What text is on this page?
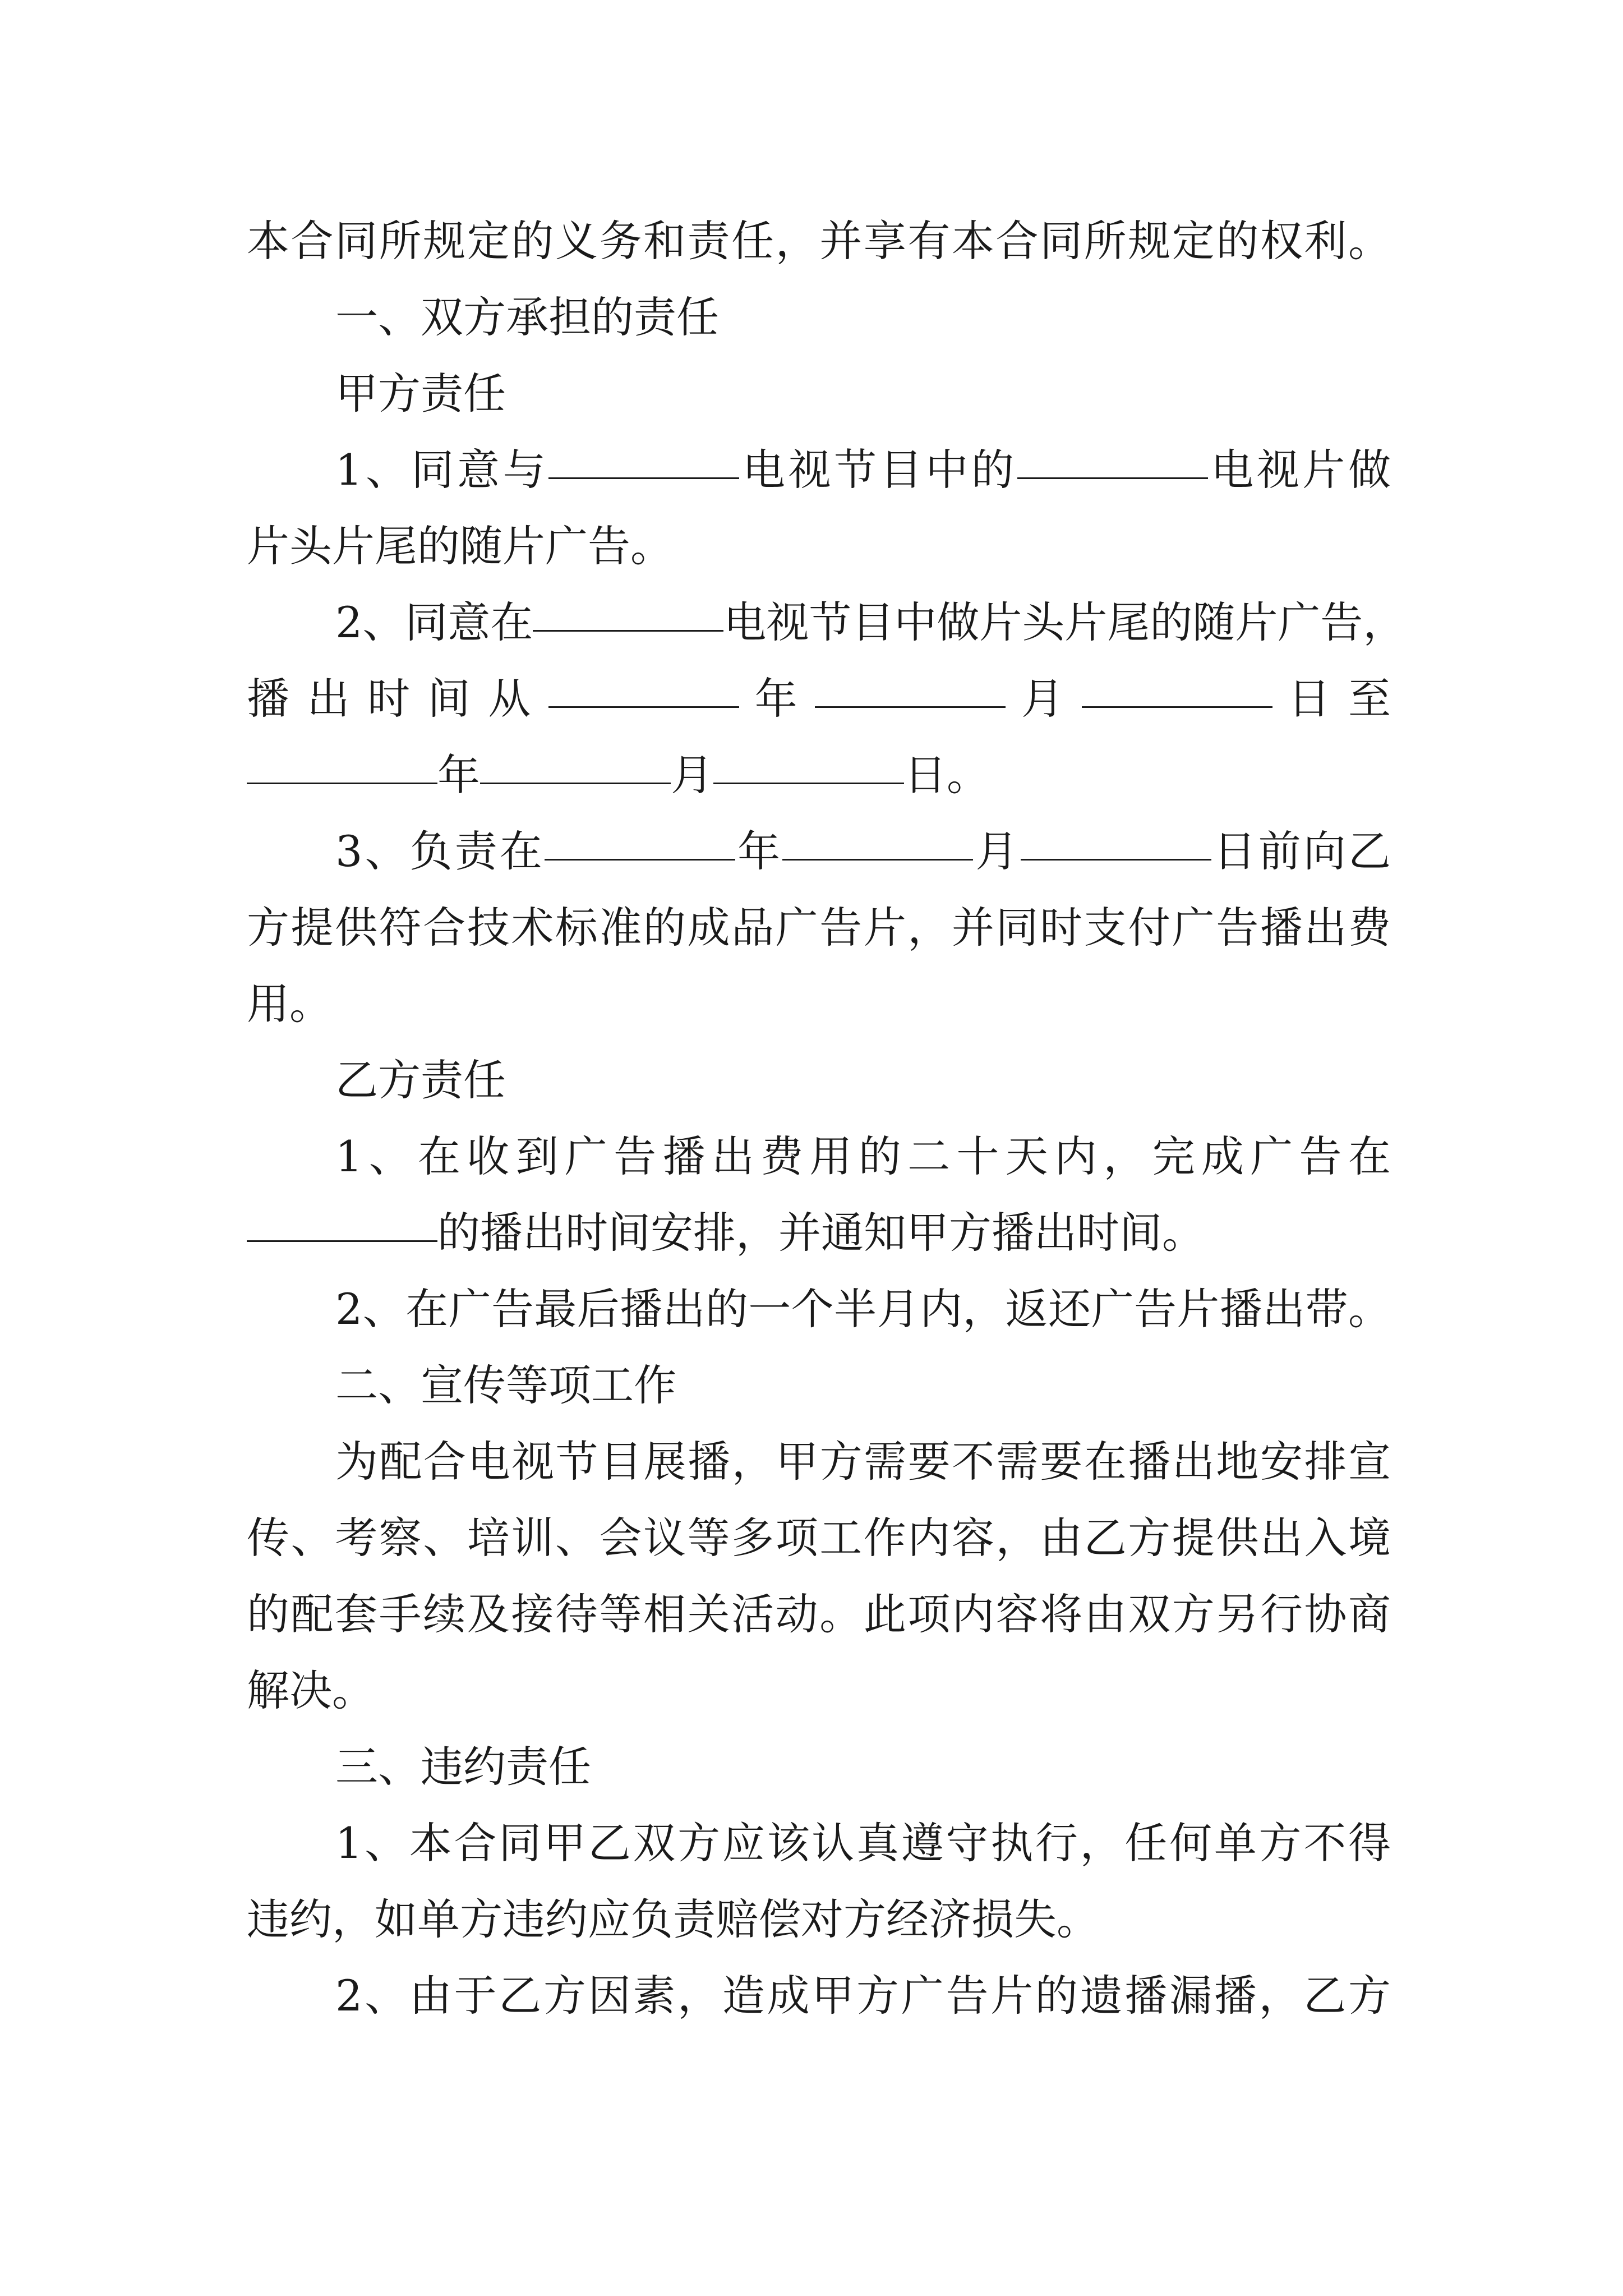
本合同所规定的义务和责任，并享有本合同所规定的权利。
一、双方承担的责任
甲方责任
1、同意与	电视节目中的	电视片做
片头片尾的随片广告。
2、同意在	电视节目中做片头片尾的随片广告，
播 出 时 间 从	年	月	日 至
年	月	日。
3、负责在	年	月	日前向乙
方提供符合技术标准的成品广告片，并同时支付广告播出费
用。
乙方责任
1、在收到广告播出费用的二十天内，完成广告在
的播出时间安排，并通知甲方播出时间。
2、在广告最后播出的一个半月内，返还广告片播出带。
二、宣传等项工作
为配合电视节目展播，甲方需要不需要在播出地安排宣
传、考察、培训、会议等多项工作内容，由乙方提供出入境
的配套手续及接待等相关活动。此项内容将由双方另行协商
解决。
三、违约责任
1、本合同甲乙双方应该认真遵守执行，任何单方不得
违约，如单方违约应负责赔偿对方经济损失。
2、由于乙方因素，造成甲方广告片的遗播漏播，乙方
